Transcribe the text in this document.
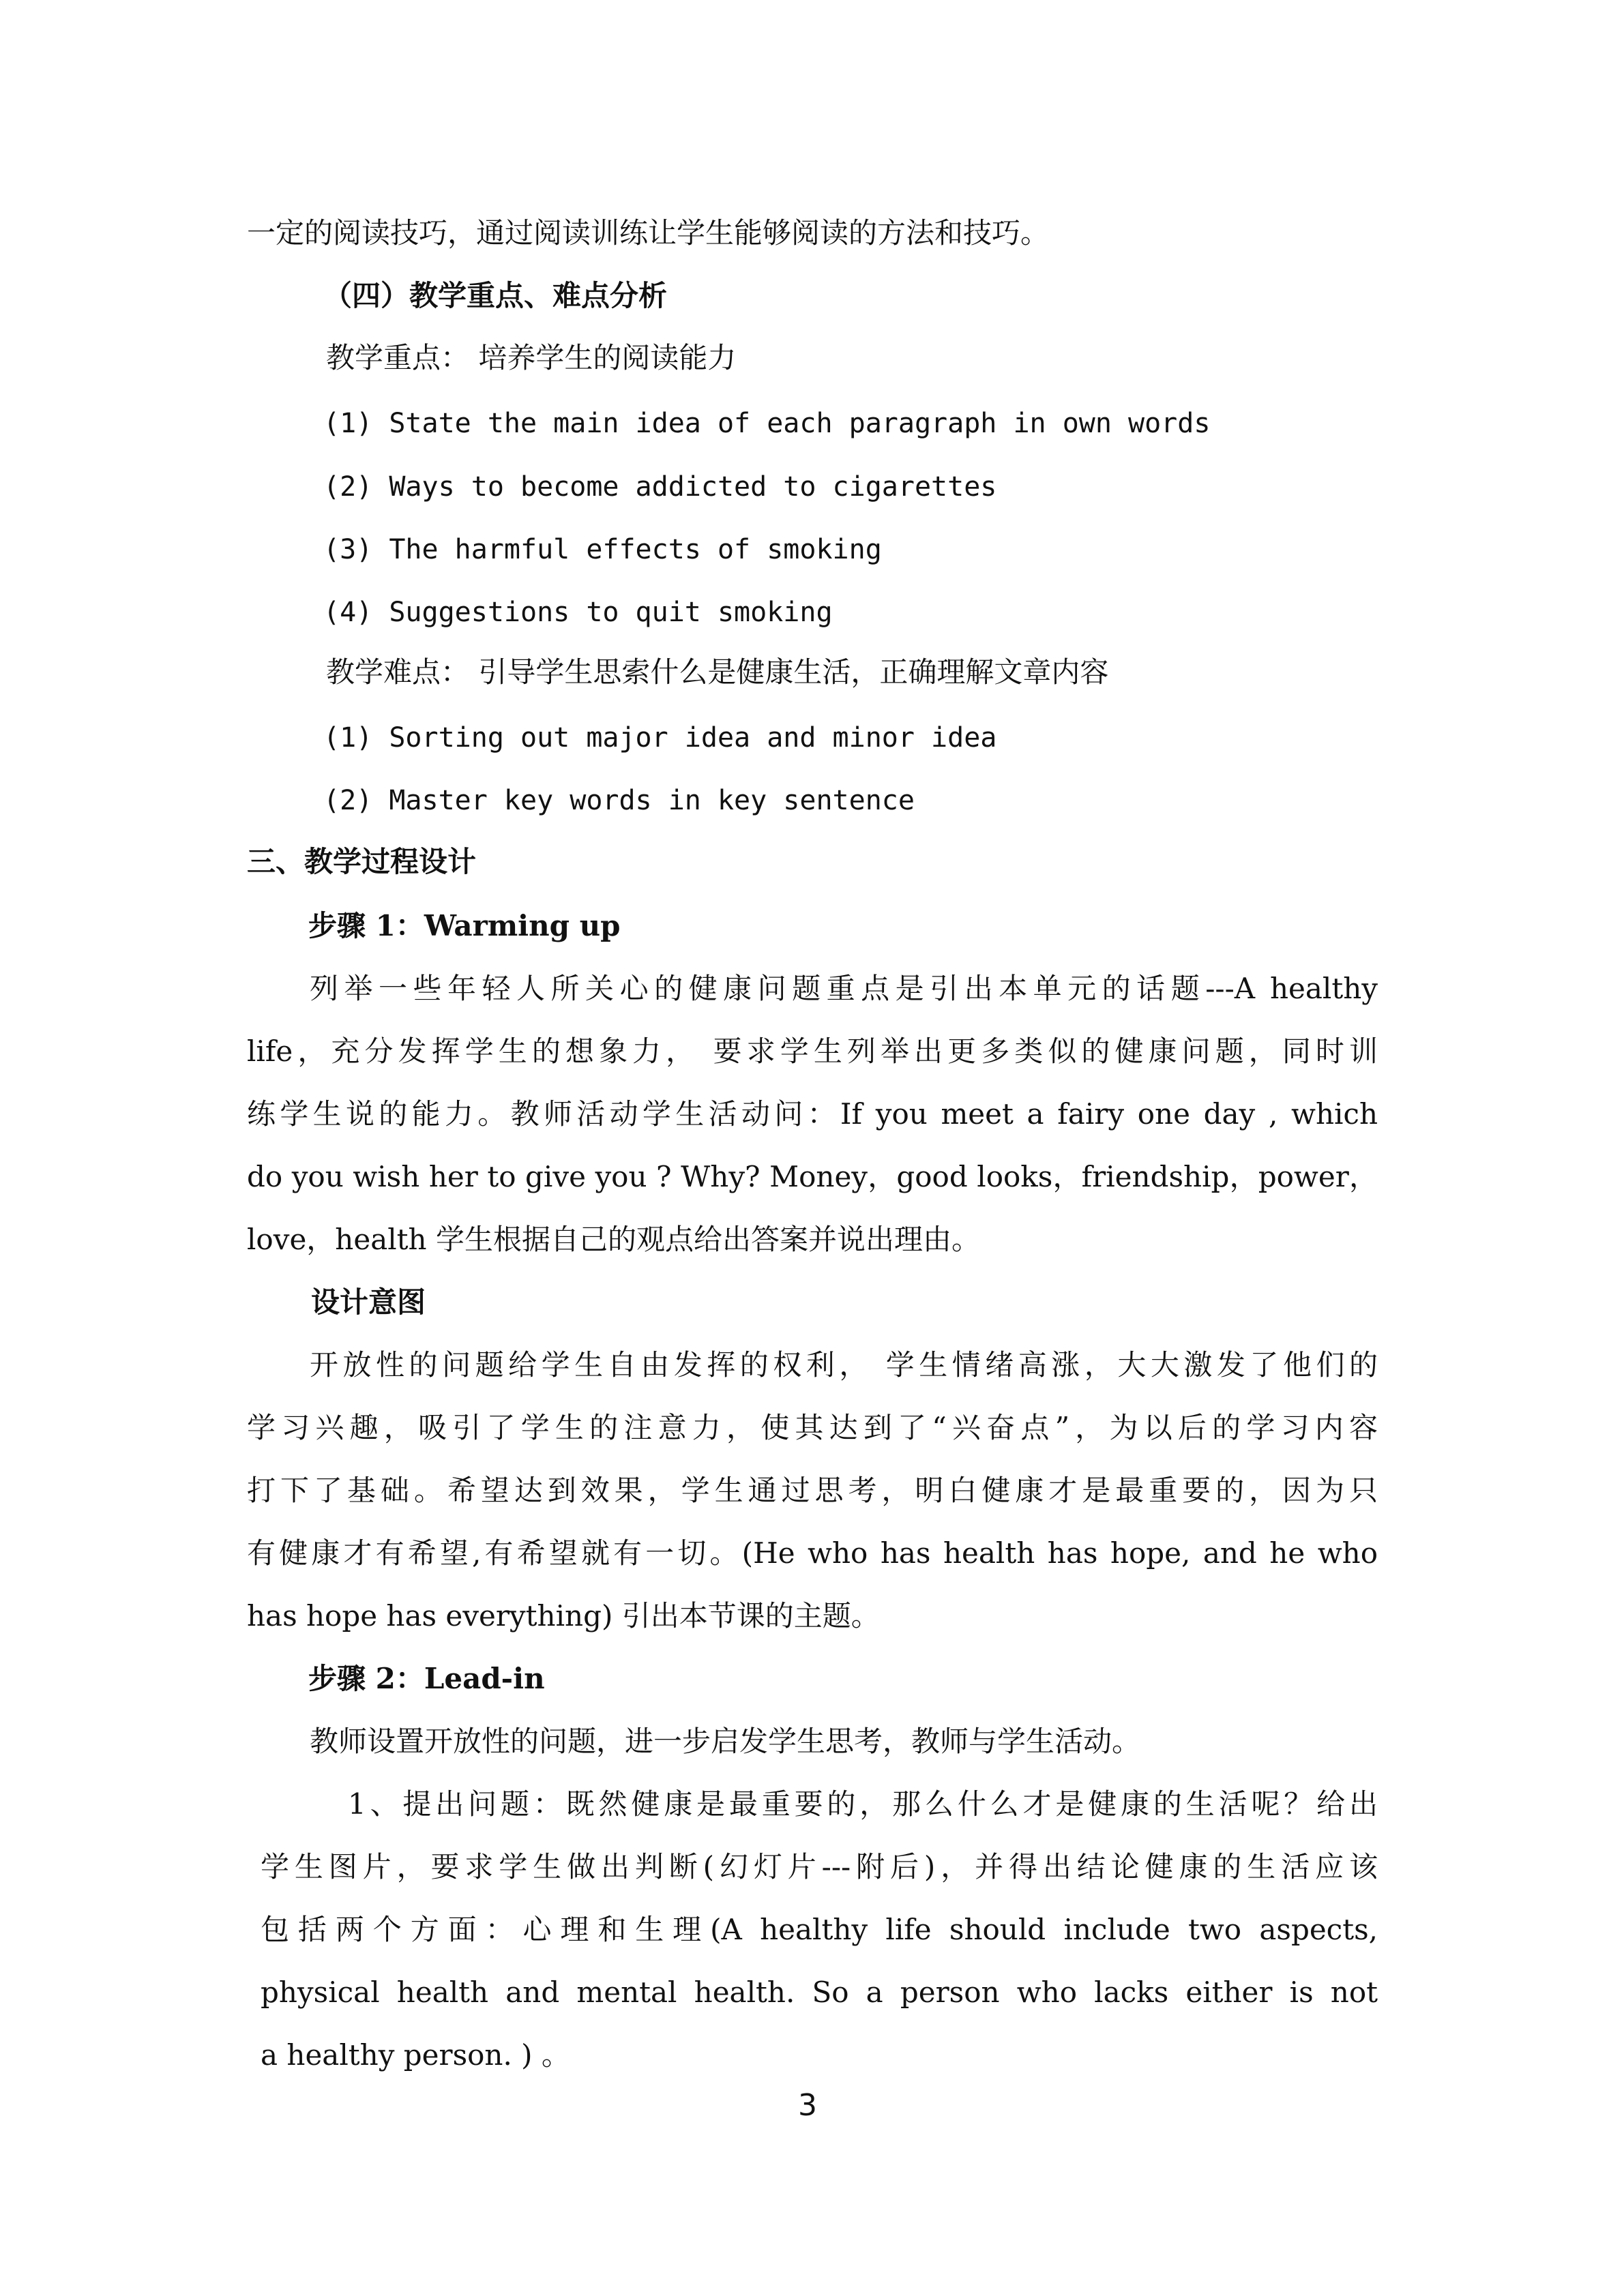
一定的阅读技巧，通过阅读训练让学生能够阅读的方法和技巧。
（四）教学重点、难点分析
教学重点： 培养学生的阅读能力
(1) State the main idea of each paragraph in own words
(2) Ways to become addicted to cigarettes
(3) The harmful effects of smoking
(4) Suggestions to quit smoking
教学难点： 引导学生思索什么是健康生活，正确理解文章内容
(1) Sorting out major idea and minor idea
(2) Master key words in key sentence
三、教学过程设计
步骤 1：Warming up
列举一些年轻人所关心的健康问题重点是引出本单元的话题---A healthy
life，充分发挥学生的想象力， 要求学生列举出更多类似的健康问题，同时训
练学生说的能力。教师活动学生活动问：If you meet a fairy one day , which
do you wish her to give you ? Why? Money，good looks，friendship，power，
love，health 学生根据自己的观点给出答案并说出理由。
设计意图
开放性的问题给学生自由发挥的权利， 学生情绪高涨，大大激发了他们的
学习兴趣，吸引了学生的注意力，使其达到了“兴奋点”，为以后的学习内容
打下了基础。希望达到效果，学生通过思考，明白健康才是最重要的，因为只
有健康才有希望,有希望就有一切。(He who has health has hope, and he who
has hope has everything) 引出本节课的主题。
步骤 2：Lead-in
教师设置开放性的问题，进一步启发学生思考，教师与学生活动。
1、提出问题：既然健康是最重要的，那么什么才是健康的生活呢？给出
学生图片，要求学生做出判断(幻灯片---附后)，并得出结论健康的生活应该
包括两个方面：心理和生理(A healthy life should include two aspects,
physical health and mental health. So a person who lacks either is not
a healthy person. ) 。
3
